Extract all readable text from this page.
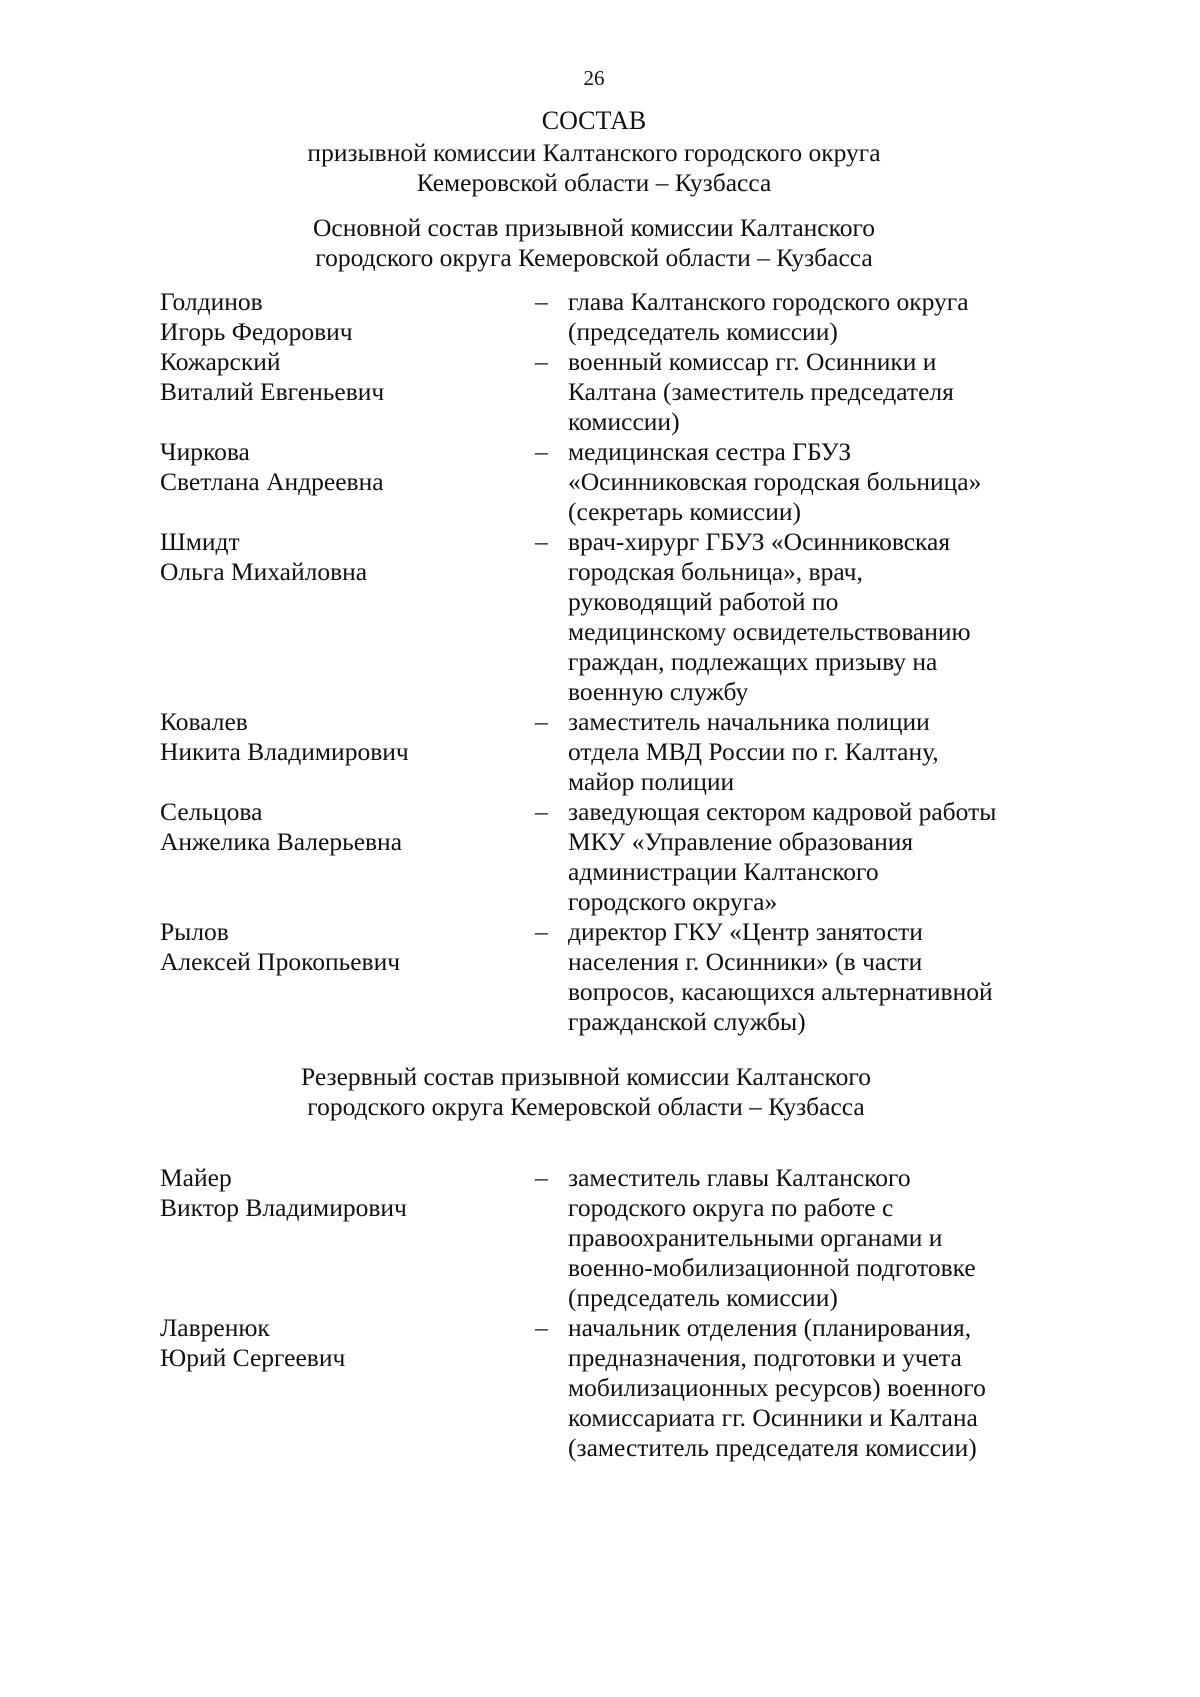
26
СОСТАВ
призывной комиссии Калтанского городского округа
Кемеровской области – Кузбасса
Основной состав призывной комиссии Калтанского
городского округа Кемеровской области – Кузбасса
Голдинов
Игорь Федорович
– глава Калтанского городского округа
(председатель комиссии)
Кожарский
Виталий Евгеньевич
– военный комиссар гг. Осинники и
Калтана (заместитель председателя
комиссии)
Чиркова
Светлана Андреевна
– медицинская сестра ГБУЗ
«Осинниковская городская больница»
(секретарь комиссии)
Шмидт
Ольга Михайловна
– врач-хирург ГБУЗ «Осинниковская
городская больница», врач,
руководящий работой по
медицинскому освидетельствованию
граждан, подлежащих призыву на
военную службу
Ковалев
Никита Владимирович
– заместитель начальника полиции
отдела МВД России по г. Калтану,
майор полиции
Сельцова
Анжелика Валерьевна
– заведующая сектором кадровой работы
МКУ «Управление образования
администрации Калтанского
городского округа»
Рылов
Алексей Прокопьевич
– директор ГКУ «Центр занятости
населения г. Осинники» (в части
вопросов, касающихся альтернативной
гражданской службы)
Резервный состав призывной комиссии Калтанского
городского округа Кемеровской области – Кузбасса
Майер
Виктор Владимирович
– заместитель главы Калтанского
городского округа по работе с
правоохранительными органами и
военно-мобилизационной подготовке
(председатель комиссии)
Лавренюк
Юрий Сергеевич
– начальник отделения (планирования,
предназначения, подготовки и учета
мобилизационных ресурсов) военного
комиссариата гг. Осинники и Калтана
(заместитель председателя комиссии)
